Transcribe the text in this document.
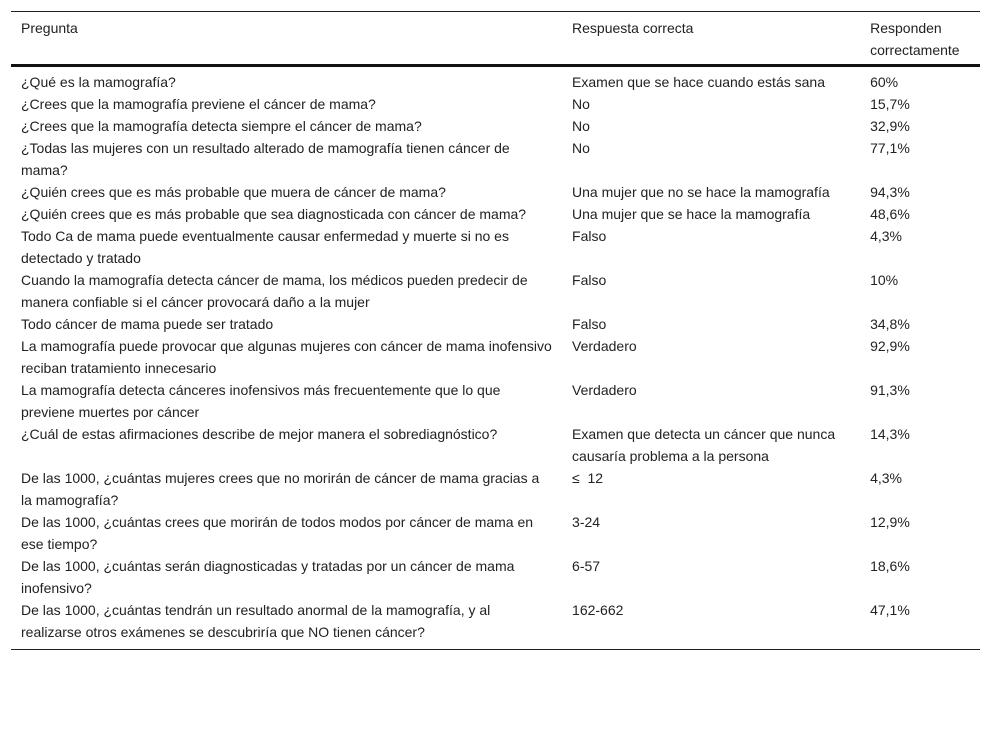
Pregunta	Respuesta correcta	Responden correctamente
¿Qué es la mamografía?	Examen que se hace cuando estás sana	60%
¿Crees que la mamografía previene el cáncer de mama?	No	15,7%
¿Crees que la mamografía detecta siempre el cáncer de mama?	No	32,9%
¿Todas las mujeres con un resultado alterado de mamografía tienen cáncer de mama?	No	77,1%
¿Quién crees que es más probable que muera de cáncer de mama?	Una mujer que no se hace la mamografía	94,3%
¿Quién crees que es más probable que sea diagnosticada con cáncer de mama?	Una mujer que se hace la mamografía	48,6%
Todo Ca de mama puede eventualmente causar enfermedad y muerte si no es detectado y tratado	Falso	4,3%
Cuando la mamografía detecta cáncer de mama, los médicos pueden predecir de manera confiable si el cáncer provocará daño a la mujer	Falso	10%
Todo cáncer de mama puede ser tratado	Falso	34,8%
La mamografía puede provocar que algunas mujeres con cáncer de mama inofensivo reciban tratamiento innecesario	Verdadero	92,9%
La mamografía detecta cánceres inofensivos más frecuentemente que lo que previene muertes por cáncer	Verdadero	91,3%
¿Cuál de estas afirmaciones describe de mejor manera el sobrediagnóstico?	Examen que detecta un cáncer que nunca causaría problema a la persona	14,3%
De las 1000, ¿cuántas mujeres crees que no morirán de cáncer de mama gracias a la mamografía?	≤  12	4,3%
De las 1000, ¿cuántas crees que morirán de todos modos por cáncer de mama en ese tiempo?	3-24	12,9%
De las 1000, ¿cuántas serán diagnosticadas y tratadas por un cáncer de mama inofensivo?	6-57	18,6%
De las 1000, ¿cuántas tendrán un resultado anormal de la mamografía, y al realizarse otros exámenes se descubriría que NO tienen cáncer?	162-662	47,1%
